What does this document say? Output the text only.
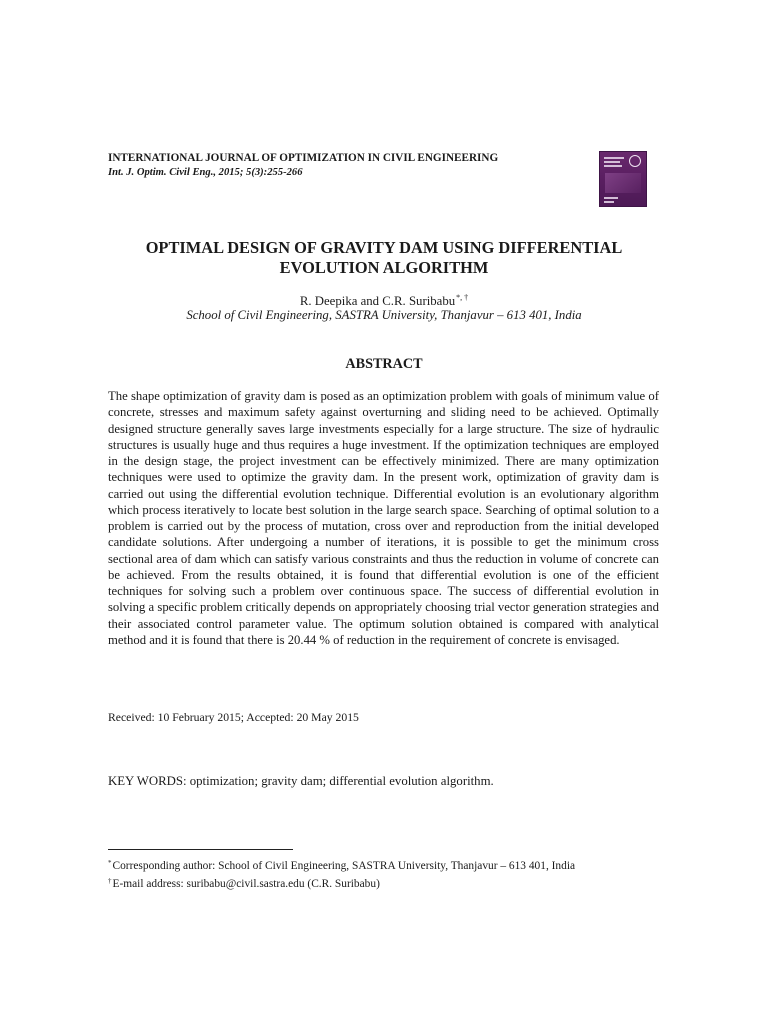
INTERNATIONAL JOURNAL OF OPTIMIZATION IN CIVIL ENGINEERING
Int. J. Optim. Civil Eng., 2015; 5(3):255-266
OPTIMAL DESIGN OF GRAVITY DAM USING DIFFERENTIAL
EVOLUTION ALGORITHM
R. Deepika and C.R. Suribabu*, †
School of Civil Engineering, SASTRA University, Thanjavur – 613 401, India
ABSTRACT
The shape optimization of gravity dam is posed as an optimization problem with goals of minimum value of concrete, stresses and maximum safety against overturning and sliding need to be achieved. Optimally designed structure generally saves large investments especially for a large structure. The size of hydraulic structures is usually huge and thus requires a huge investment. If the optimization techniques are employed in the design stage, the project investment can be effectively minimized. There are many optimization techniques were used to optimize the gravity dam. In the present work, optimization of gravity dam is carried out using the differential evolution technique. Differential evolution is an evolutionary algorithm which process iteratively to locate best solution in the large search space. Searching of optimal solution to a problem is carried out by the process of mutation, cross over and reproduction from the initial developed candidate solutions. After undergoing a number of iterations, it is possible to get the minimum cross sectional area of dam which can satisfy various constraints and thus the reduction in volume of concrete can be achieved. From the results obtained, it is found that differential evolution is one of the efficient techniques for solving such a problem over continuous space. The success of differential evolution in solving a specific problem critically depends on appropriately choosing trial vector generation strategies and their associated control parameter value. The optimum solution obtained is compared with analytical method and it is found that there is 20.44 % of reduction in the requirement of concrete is envisaged.
Received: 10 February 2015; Accepted: 20 May 2015
KEY WORDS: optimization; gravity dam; differential evolution algorithm.
*Corresponding author: School of Civil Engineering, SASTRA University, Thanjavur – 613 401, India
†E-mail address: suribabu@civil.sastra.edu (C.R. Suribabu)
